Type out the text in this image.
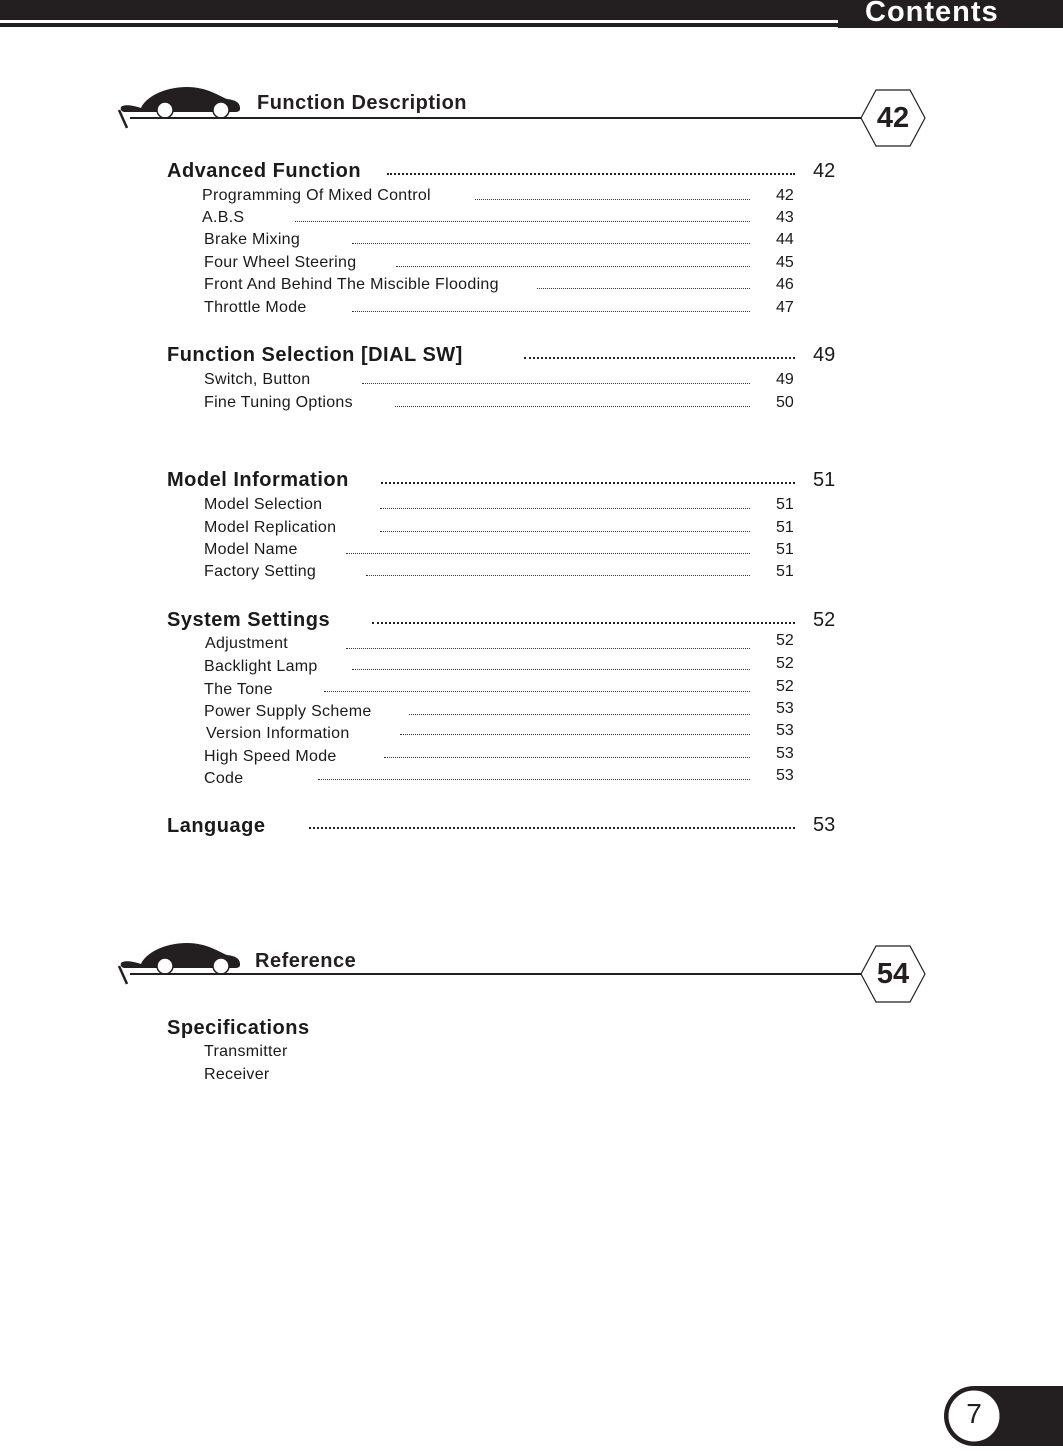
Contents
Function Description	42
Advanced Function	42
Programming Of Mixed Control	42
A.B.S	43
Brake Mixing	44
Four Wheel Steering	45
Front And Behind The Miscible Flooding	46
Throttle Mode	47
Function Selection [DIAL SW]	49
Switch, Button	49
Fine Tuning Options	50
Model Information	51
Model Selection	51
Model Replication	51
Model Name	51
Factory Setting	51
System Settings	52
Adjustment	52
Backlight Lamp	52
The Tone	52
Power Supply Scheme	53
Version Information	53
High Speed Mode	53
Code	53
Language	53
Reference	54
Specifications
Transmitter
Receiver
7
